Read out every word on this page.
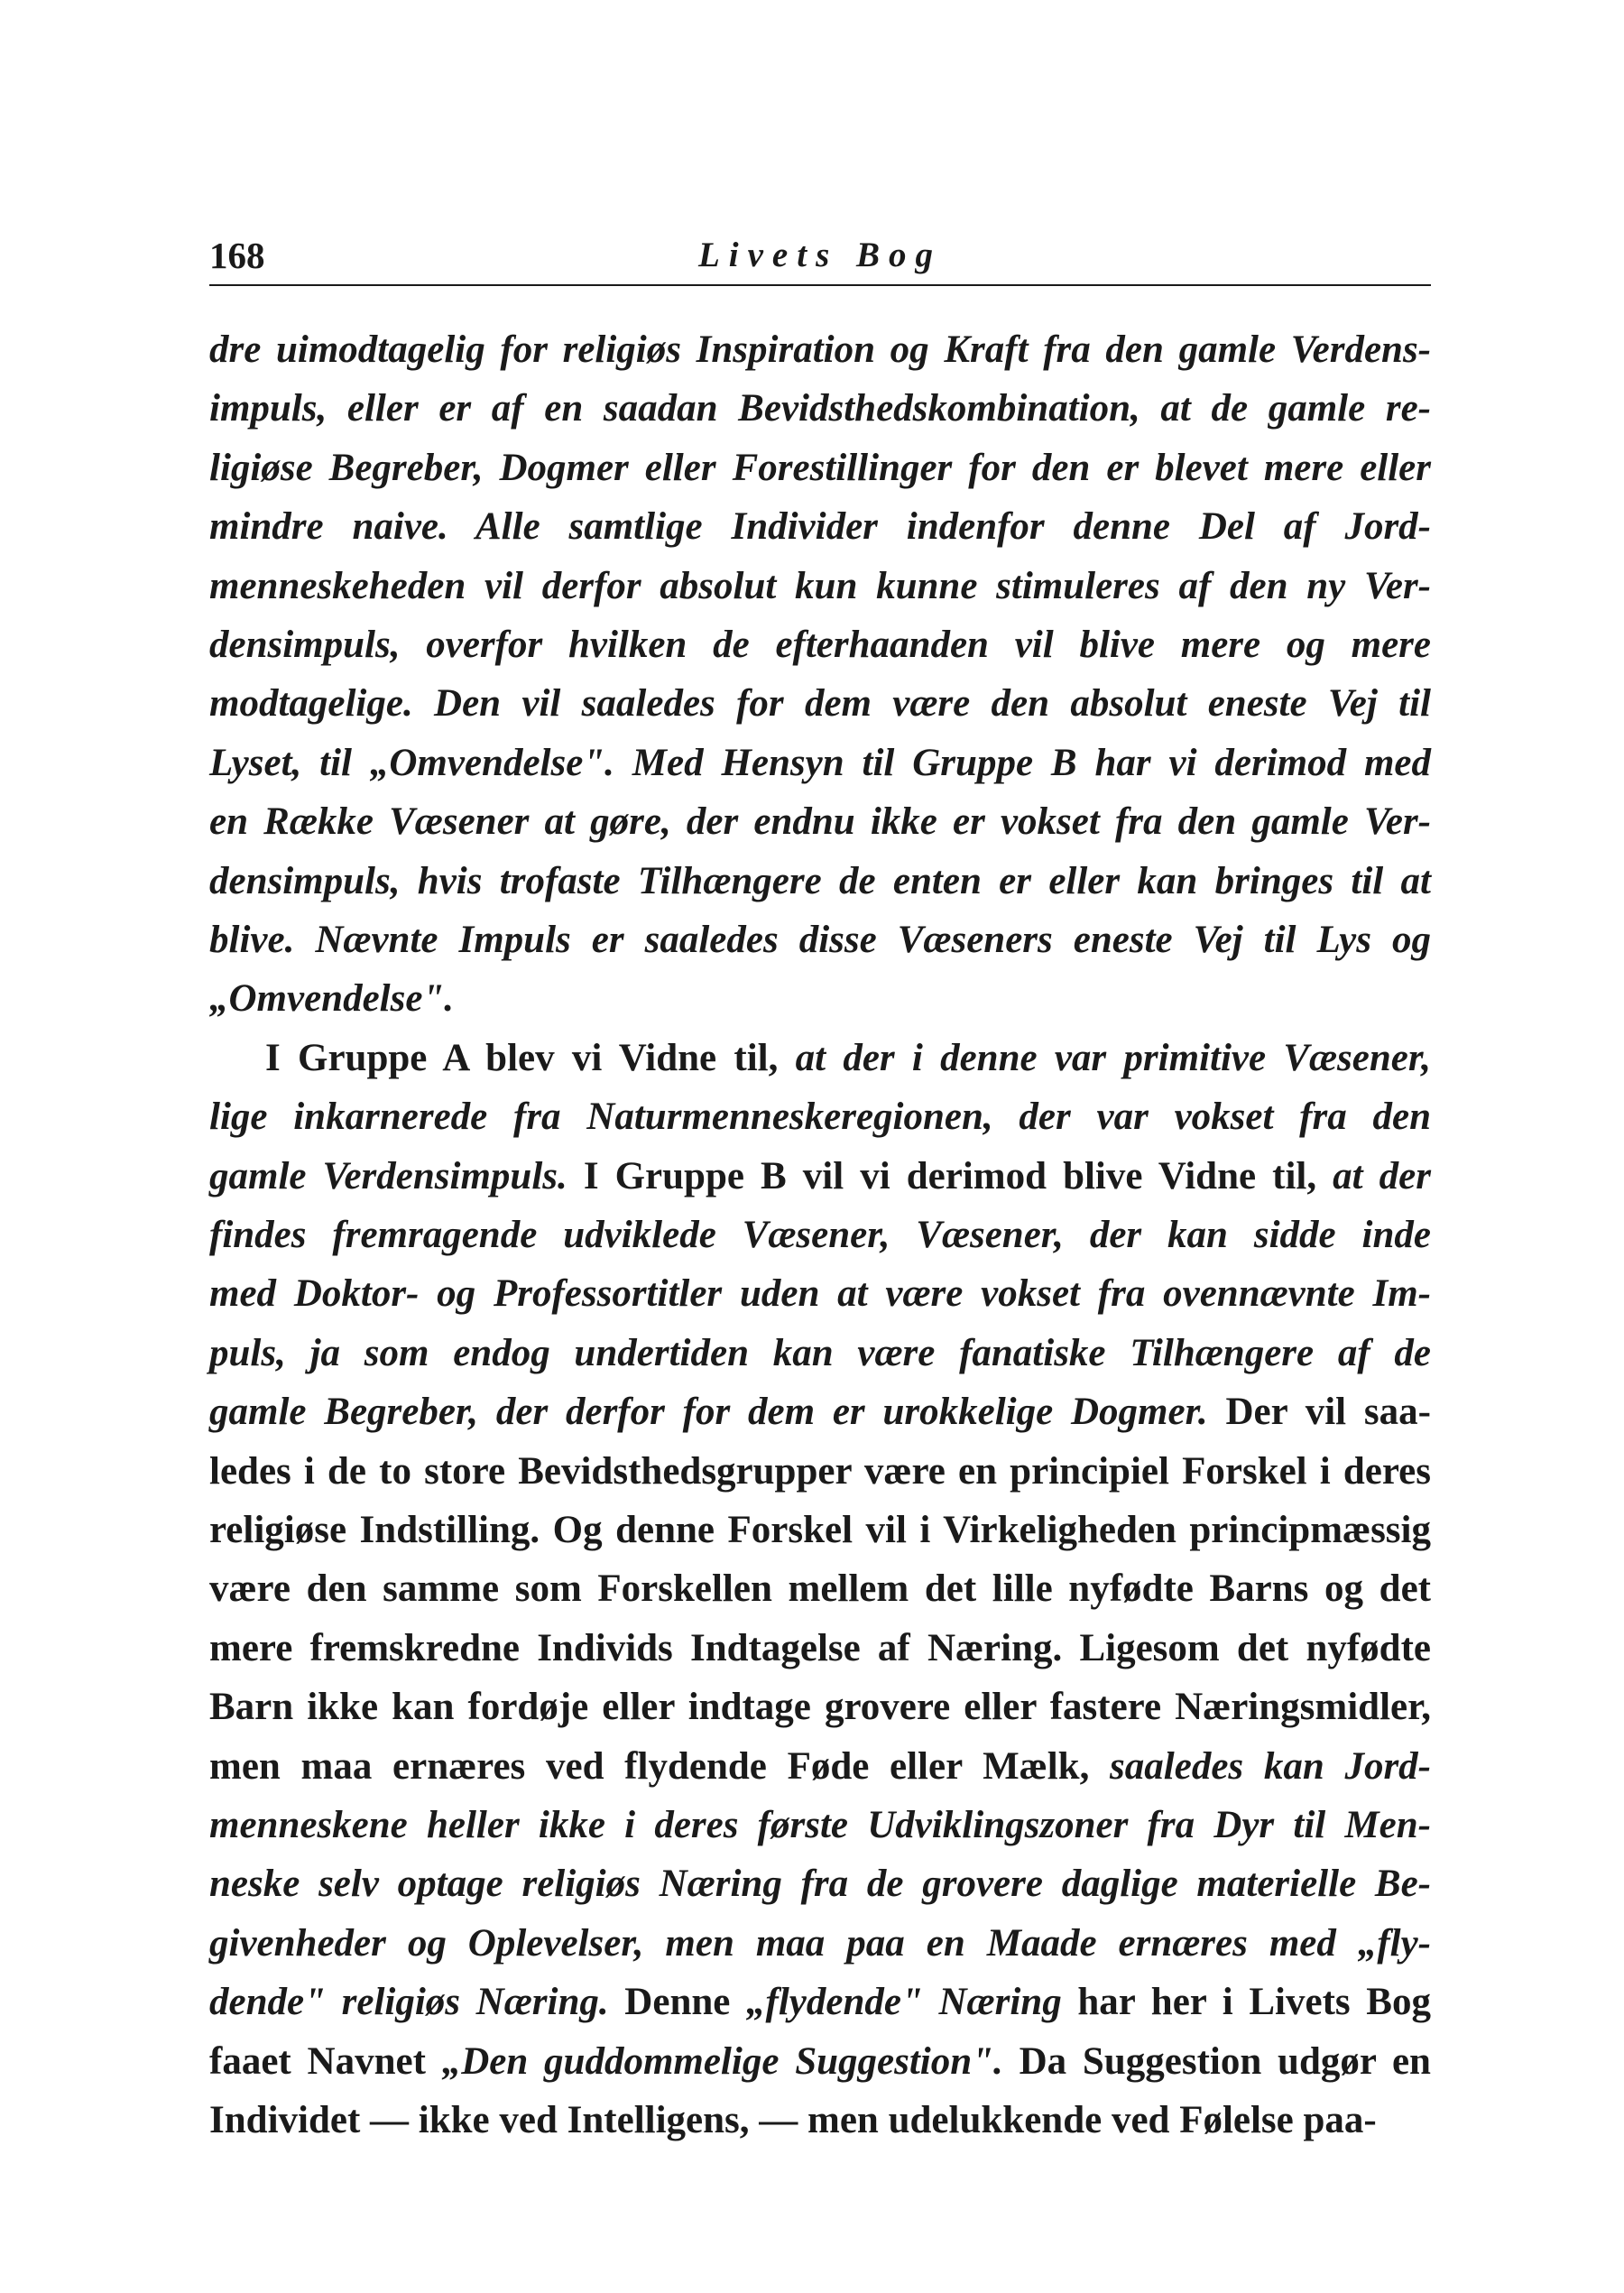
168	Livets Bog
dre uimodtagelig for religiøs Inspiration og Kraft fra den gamle Verdens-
impuls, eller er af en saadan Bevidsthedskombination, at de gamle re-
ligiøse Begreber, Dogmer eller Forestillinger for den er blevet mere eller
mindre naive. Alle samtlige Individer indenfor denne Del af Jord-
menneskeheden vil derfor absolut kun kunne stimuleres af den ny Ver-
densimpuls, overfor hvilken de efterhaanden vil blive mere og mere
modtagelige. Den vil saaledes for dem være den absolut eneste Vej til
Lyset, til „Omvendelse". Med Hensyn til Gruppe B har vi derimod med
en Række Væsener at gøre, der endnu ikke er vokset fra den gamle Ver-
densimpuls, hvis trofaste Tilhængere de enten er eller kan bringes til at
blive. Nævnte Impuls er saaledes disse Væseners eneste Vej til Lys og
„Omvendelse".
I Gruppe A blev vi Vidne til, at der i denne var primitive Væsener,
lige inkarnerede fra Naturmenneskeregionen, der var vokset fra den
gamle Verdensimpuls. I Gruppe B vil vi derimod blive Vidne til, at der
findes fremragende udviklede Væsener, Væsener, der kan sidde inde
med Doktor- og Professortitler uden at være vokset fra ovennævnte Im-
puls, ja som endog undertiden kan være fanatiske Tilhængere af de
gamle Begreber, der derfor for dem er urokkelige Dogmer. Der vil saa-
ledes i de to store Bevidsthedsgrupper være en principiel Forskel i deres
religiøse Indstilling. Og denne Forskel vil i Virkeligheden principmæssig
være den samme som Forskellen mellem det lille nyfødte Barns og det
mere fremskredne Individs Indtagelse af Næring. Ligesom det nyfødte
Barn ikke kan fordøje eller indtage grovere eller fastere Næringsmidler,
men maa ernæres ved flydende Føde eller Mælk, saaledes kan Jord-
menneskene heller ikke i deres første Udviklingszoner fra Dyr til Men-
neske selv optage religiøs Næring fra de grovere daglige materielle Be-
givenheder og Oplevelser, men maa paa en Maade ernæres med „fly-
dende" religiøs Næring. Denne „flydende" Næring har her i Livets Bog
faaet Navnet „Den guddommelige Suggestion". Da Suggestion udgør en
Individet — ikke ved Intelligens, — men udelukkende ved Følelse paa-
